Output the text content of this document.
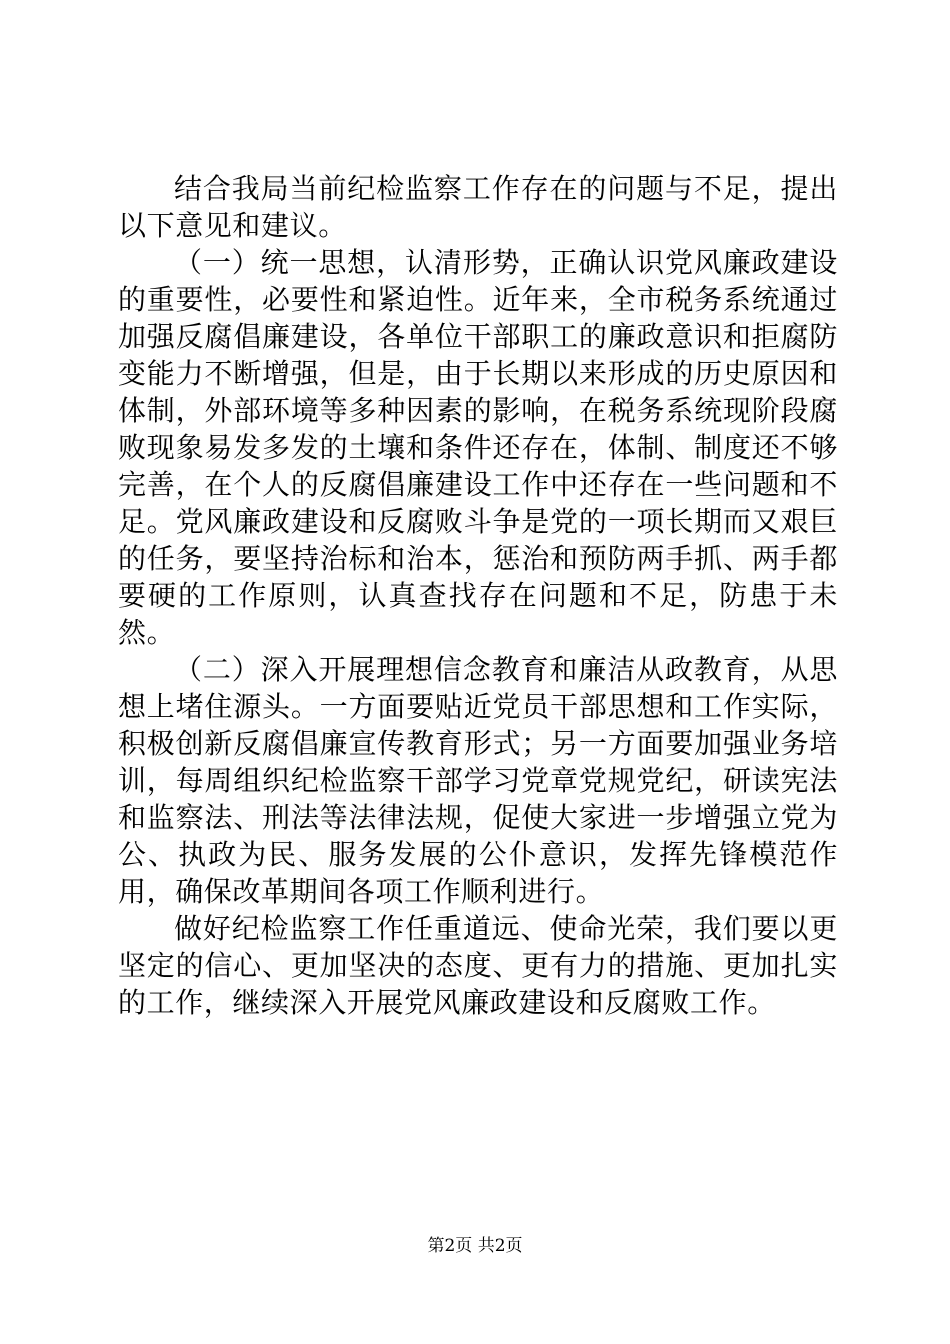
结合我局当前纪检监察工作存在的问题与不足，提出以下意见和建议。

（一）统一思想，认清形势，正确认识党风廉政建设的重要性，必要性和紧迫性。近年来，全市税务系统通过加强反腐倡廉建设，各单位干部职工的廉政意识和拒腐防变能力不断增强，但是，由于长期以来形成的历史原因和体制，外部环境等多种因素的影响，在税务系统现阶段腐败现象易发多发的土壤和条件还存在，体制、制度还不够完善，在个人的反腐倡廉建设工作中还存在一些问题和不足。党风廉政建设和反腐败斗争是党的一项长期而又艰巨的任务，要坚持治标和治本，惩治和预防两手抓、两手都要硬的工作原则，认真查找存在问题和不足，防患于未然。

（二）深入开展理想信念教育和廉洁从政教育，从思想上堵住源头。一方面要贴近党员干部思想和工作实际，积极创新反腐倡廉宣传教育形式；另一方面要加强业务培训，每周组织纪检监察干部学习党章党规党纪，研读宪法和监察法、刑法等法律法规，促使大家进一步增强立党为公、执政为民、服务发展的公仆意识，发挥先锋模范作用，确保改革期间各项工作顺利进行。

做好纪检监察工作任重道远、使命光荣，我们要以更坚定的信心、更加坚决的态度、更有力的措施、更加扎实的工作，继续深入开展党风廉政建设和反腐败工作。

第2页 共2页
